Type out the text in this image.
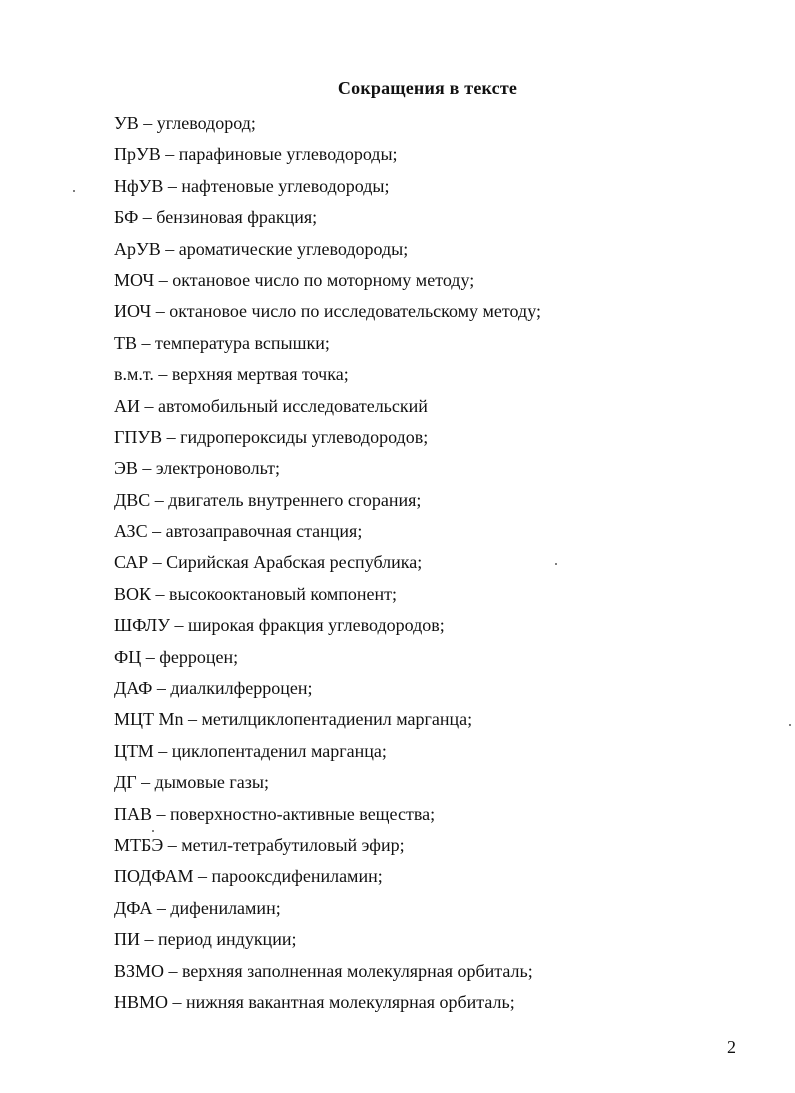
Сокращения в тексте
УВ – углеводород;
ПрУВ – парафиновые углеводороды;
НфУВ – нафтеновые углеводороды;
БФ – бензиновая фракция;
АрУВ – ароматические углеводороды;
МОЧ – октановое число по моторному методу;
ИОЧ – октановое число по исследовательскому методу;
ТВ – температура вспышки;
в.м.т. – верхняя мертвая точка;
АИ – автомобильный исследовательский
ГПУВ – гидропероксиды углеводородов;
ЭВ – электроновольт;
ДВС – двигатель внутреннего сгорания;
АЗС – автозаправочная станция;
САР – Сирийская Арабская республика;
ВОК – высокооктановый компонент;
ШФЛУ – широкая фракция углеводородов;
ФЦ – ферроцен;
ДАФ – диалкилферроцен;
МЦТ Mn – метилциклопентадиенил марганца;
ЦТМ – циклопентаденил марганца;
ДГ – дымовые газы;
ПАВ – поверхностно-активные вещества;
МТБЭ – метил-тетрабутиловый эфир;
ПОДФАМ – парооксдифениламин;
ДФА – дифениламин;
ПИ – период индукции;
ВЗМО – верхняя заполненная молекулярная орбиталь;
НВМО – нижняя вакантная молекулярная орбиталь;
2
